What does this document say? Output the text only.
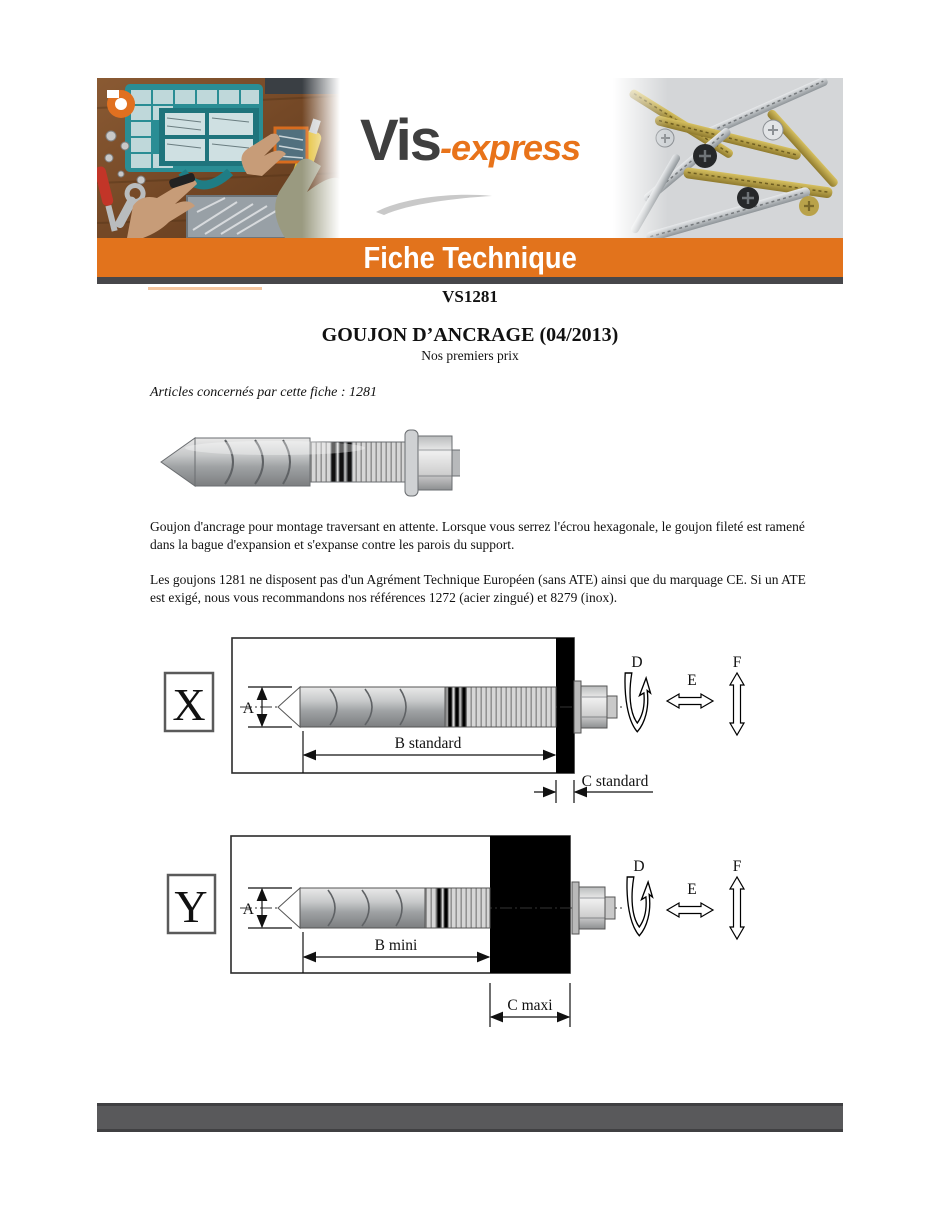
Vis-express
Fiche Technique
VS1281
GOUJON D’ANCRAGE (04/2013)
Nos premiers prix
Articles concernés par cette fiche : 1281

Goujon d'ancrage pour montage traversant en attente. Lorsque vous serrez l'écrou hexagonale, le goujon fileté est ramené dans la bague d'expansion et s'expanse contre les parois du support.

Les goujons 1281 ne disposent pas d'un Agrément Technique Européen (sans ATE) ainsi que du marquage CE. Si un ATE est exigé, nous vous recommandons nos références 1272 (acier zingué) et 8279 (inox).

X A
B standard
C standard
D
E
F
Y A
B mini
C maxi
D
E
F
